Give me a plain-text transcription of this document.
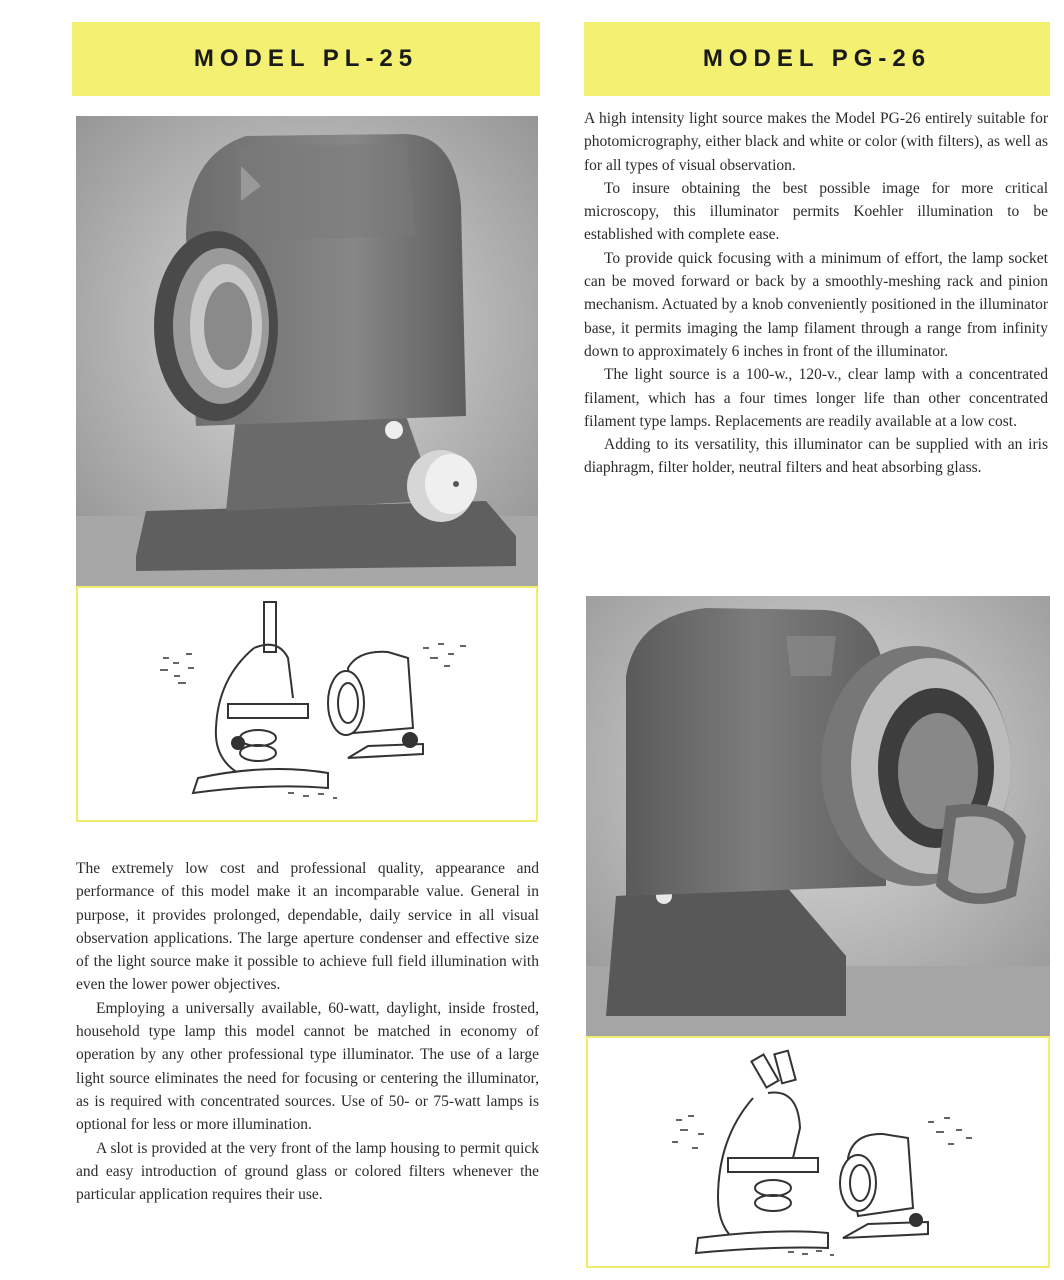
MODEL PL-25

The extremely low cost and professional quality, appearance and performance of this model make it an incomparable value. General in purpose, it provides prolonged, dependable, daily service in all visual observation applications. The large aperture condenser and effective size of the light source make it possible to achieve full field illumination with even the lower power objectives.

Employing a universally available, 60-watt, daylight, inside frosted, household type lamp this model cannot be matched in economy of operation by any other professional type illuminator. The use of a large light source eliminates the need for focusing or centering the illuminator, as is required with concentrated sources. Use of 50- or 75-watt lamps is optional for less or more illumination.

A slot is provided at the very front of the lamp housing to permit quick and easy introduction of ground glass or colored filters whenever the particular application requires their use.

MODEL PG-26

A high intensity light source makes the Model PG-26 entirely suitable for photomicrography, either black and white or color (with filters), as well as for all types of visual observation.

To insure obtaining the best possible image for more critical microscopy, this illuminator permits Koehler illumination to be established with complete ease.

To provide quick focusing with a minimum of effort, the lamp socket can be moved forward or back by a smoothly-meshing rack and pinion mechanism. Actuated by a knob conveniently positioned in the illuminator base, it permits imaging the lamp filament through a range from infinity down to approximately 6 inches in front of the illuminator.

The light source is a 100-w., 120-v., clear lamp with a concentrated filament, which has a four times longer life than other concentrated filament type lamps. Replacements are readily available at a low cost.

Adding to its versatility, this illuminator can be supplied with an iris diaphragm, filter holder, neutral filters and heat absorbing glass.
